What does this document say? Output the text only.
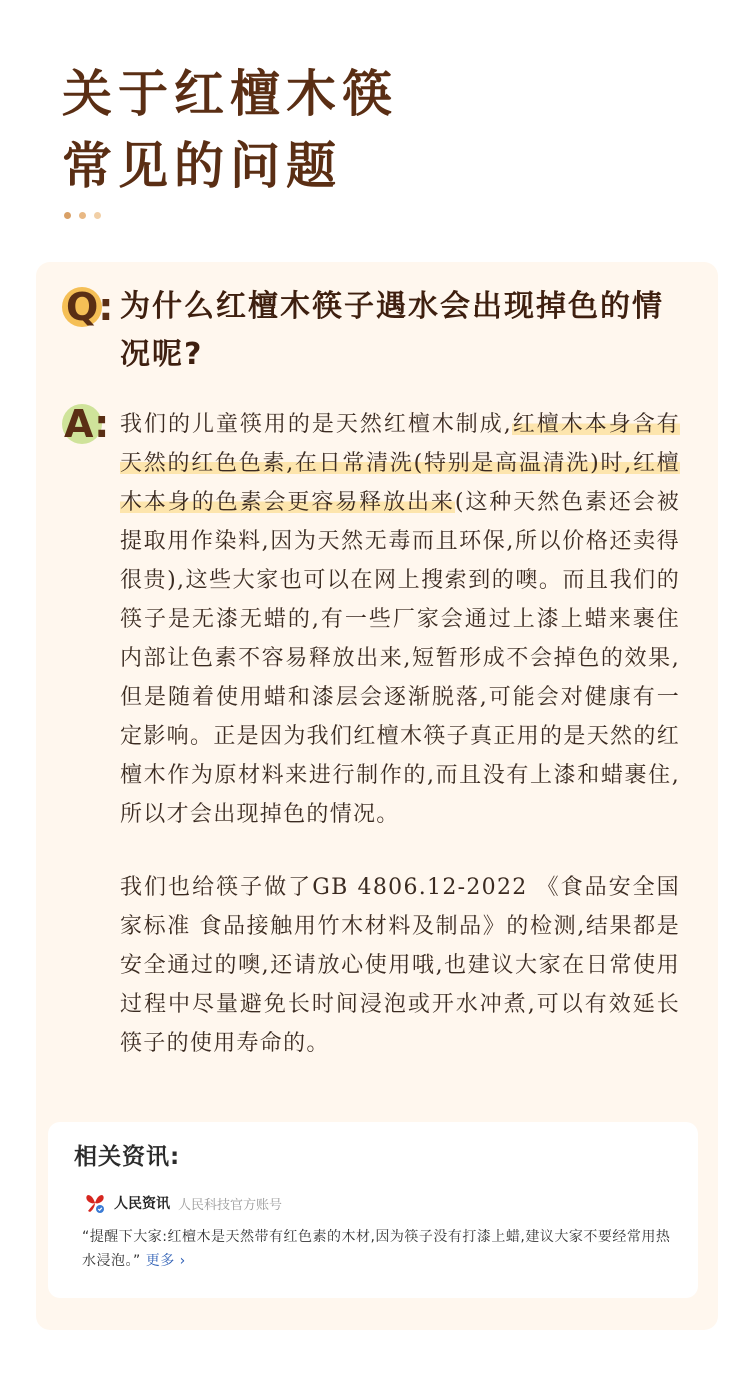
关于红檀木筷
常见的问题
Q: 为什么红檀木筷子遇水会出现掉色的情况呢?
A: 我们的儿童筷用的是天然红檀木制成,红檀木本身含有天然的红色色素,在日常清洗(特别是高温清洗)时,红檀木本身的色素会更容易释放出来(这种天然色素还会被提取用作染料,因为天然无毒而且环保,所以价格还卖得很贵),这些大家也可以在网上搜索到的噢。而且我们的筷子是无漆无蜡的,有一些厂家会通过上漆上蜡来裹住内部让色素不容易释放出来,短暂形成不会掉色的效果,但是随着使用蜡和漆层会逐渐脱落,可能会对健康有一定影响。正是因为我们红檀木筷子真正用的是天然的红檀木作为原材料来进行制作的,而且没有上漆和蜡裹住,所以才会出现掉色的情况。

我们也给筷子做了GB 4806.12-2022 《食品安全国家标准 食品接触用竹木材料及制品》的检测,结果都是安全通过的噢,还请放心使用哦,也建议大家在日常使用过程中尽量避免长时间浸泡或开水冲煮,可以有效延长筷子的使用寿命的。

相关资讯:
人民资讯 人民科技官方账号
“提醒下大家:红檀木是天然带有红色素的木材,因为筷子没有打漆上蜡,建议大家不要经常用热水浸泡。” 更多 ›
